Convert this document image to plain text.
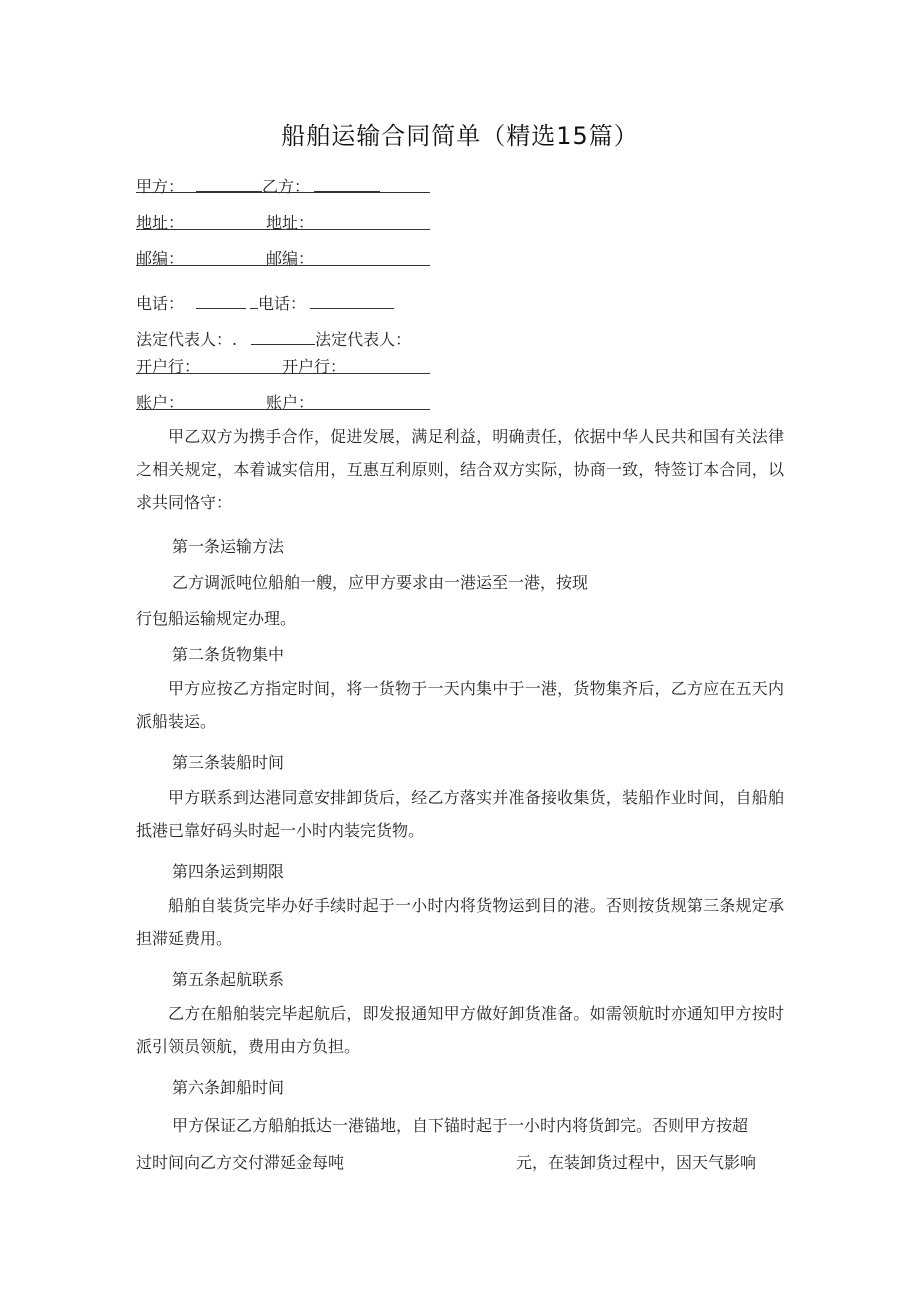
船舶运输合同简单（精选15篇）
甲方：	乙方：
地址：	地址：
邮编：	邮编：
电话：	电话：
法定代表人：.	法定代表人：
开户行：	开户行：
账户：	账户：
甲乙双方为携手合作，促进发展，满足利益，明确责任，依据中华人民共和国有关法律之相关规定，本着诚实信用，互惠互利原则，结合双方实际，协商一致，特签订本合同，以求共同恪守：
第一条运输方法
乙方调派吨位船舶一艘，应甲方要求由一港运至一港，按现
行包船运输规定办理。
第二条货物集中
甲方应按乙方指定时间，将一货物于一天内集中于一港，货物集齐后，乙方应在五天内派船装运。
第三条装船时间
甲方联系到达港同意安排卸货后，经乙方落实并准备接收集货，装船作业时间，自船舶抵港已靠好码头时起一小时内装完货物。
第四条运到期限
船舶自装货完毕办好手续时起于一小时内将货物运到目的港。否则按货规第三条规定承担滞延费用。
第五条起航联系
乙方在船舶装完毕起航后，即发报通知甲方做好卸货准备。如需领航时亦通知甲方按时派引领员领航，费用由方负担。
第六条卸船时间
甲方保证乙方船舶抵达一港锚地，自下锚时起于一小时内将货卸完。否则甲方按超
过时间向乙方交付滞延金每吨	元，在装卸货过程中，因天气影响
